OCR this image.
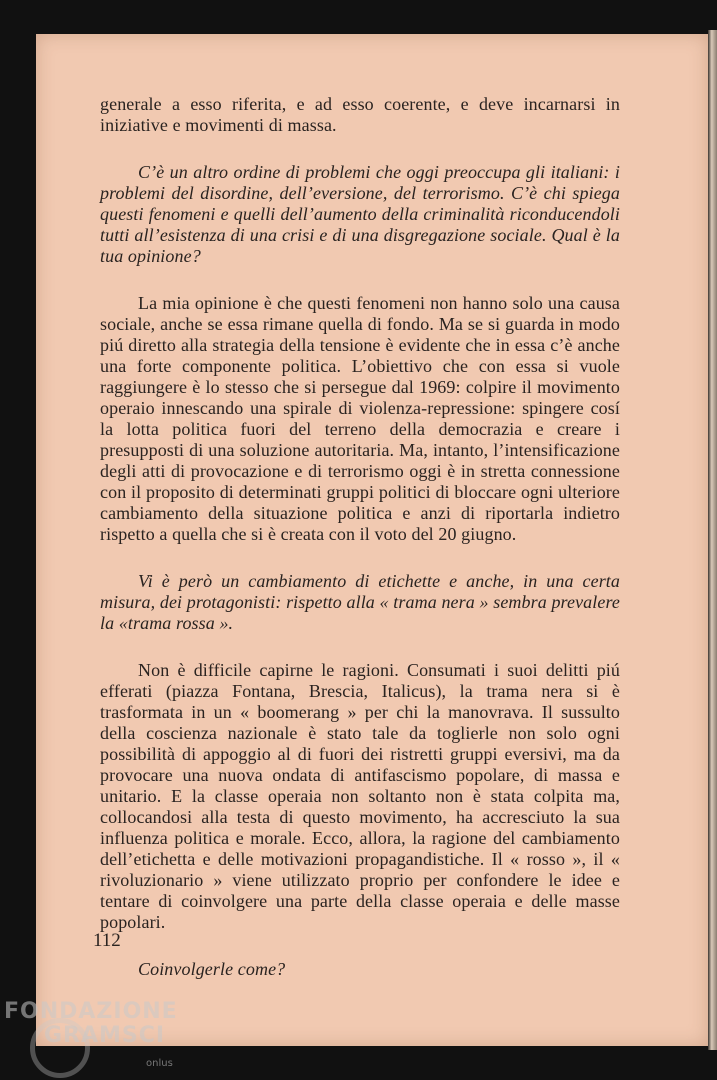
generale a esso riferita, e ad esso coerente, e deve incarnarsi in iniziative e movimenti di massa.

C’è un altro ordine di problemi che oggi preoccupa gli italiani: i problemi del disordine, dell’eversione, del terrorismo. C’è chi spiega questi fenomeni e quelli dell’aumento della criminalità riconducendoli tutti all’esistenza di una crisi e di una disgregazione sociale. Qual è la tua opinione?

La mia opinione è che questi fenomeni non hanno solo una causa sociale, anche se essa rimane quella di fondo. Ma se si guarda in modo piú diretto alla strategia della tensione è evidente che in essa c’è anche una forte componente politica. L’obiettivo che con essa si vuole raggiungere è lo stesso che si persegue dal 1969: colpire il movimento operaio innescando una spirale di violenza-repressione: spingere cosí la lotta politica fuori del terreno della democrazia e creare i presupposti di una soluzione autoritaria. Ma, intanto, l’intensificazione degli atti di provocazione e di terrorismo oggi è in stretta connessione con il proposito di determinati gruppi politici di bloccare ogni ulteriore cambiamento della situazione politica e anzi di riportarla indietro rispetto a quella che si è creata con il voto del 20 giugno.

Vi è però un cambiamento di etichette e anche, in una certa misura, dei protagonisti: rispetto alla « trama nera » sembra prevalere la «trama rossa ».

Non è difficile capirne le ragioni. Consumati i suoi delitti piú efferati (piazza Fontana, Brescia, Italicus), la trama nera si è trasformata in un « boomerang » per chi la manovrava. Il sussulto della coscienza nazionale è stato tale da toglierle non solo ogni possibilità di appoggio al di fuori dei ristretti gruppi eversivi, ma da provocare una nuova ondata di antifascismo popolare, di massa e unitario. E la classe operaia non soltanto non è stata colpita ma, collocandosi alla testa di questo movimento, ha accresciuto la sua influenza politica e morale. Ecco, allora, la ragione del cambiamento dell’etichetta e delle motivazioni propagandistiche. Il « rosso », il « rivoluzionario » viene utilizzato proprio per confondere le idee e tentare di coinvolgere una parte della classe operaia e delle masse popolari.

Coinvolgerle come?

112
FONDAZIONE
GRAMSCI
onlus
